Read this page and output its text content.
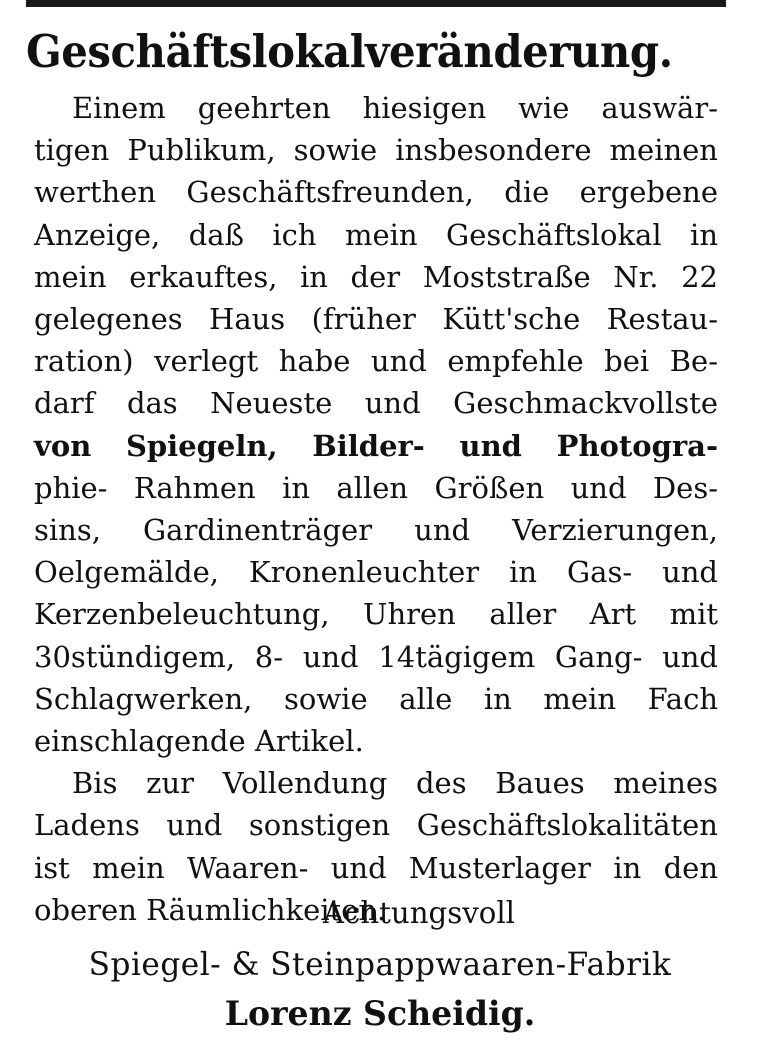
Geschäftslokalveränderung.
Einem geehrten hiesigen wie auswär-
tigen Publikum, sowie insbesondere meinen
werthen Geschäftsfreunden, die ergebene
Anzeige, daß ich mein Geschäftslokal in
mein erkauftes, in der Moststraße Nr. 22
gelegenes Haus (früher Kütt'sche Restau-
ration) verlegt habe und empfehle bei Be-
darf das Neueste und Geschmackvollste
von Spiegeln, Bilder- und Photogra-
phie- Rahmen in allen Größen und Des-
sins, Gardinenträger und Verzierungen,
Oelgemälde, Kronenleuchter in Gas- und
Kerzenbeleuchtung, Uhren aller Art mit
30stündigem, 8- und 14tägigem Gang- und
Schlagwerken, sowie alle in mein Fach
einschlagende Artikel.
Bis zur Vollendung des Baues meines
Ladens und sonstigen Geschäftslokalitäten
ist mein Waaren- und Musterlager in den
oberen Räumlichkeiten.
Achtungsvoll
Spiegel- & Steinpappwaaren-Fabrik
Lorenz Scheidig.
